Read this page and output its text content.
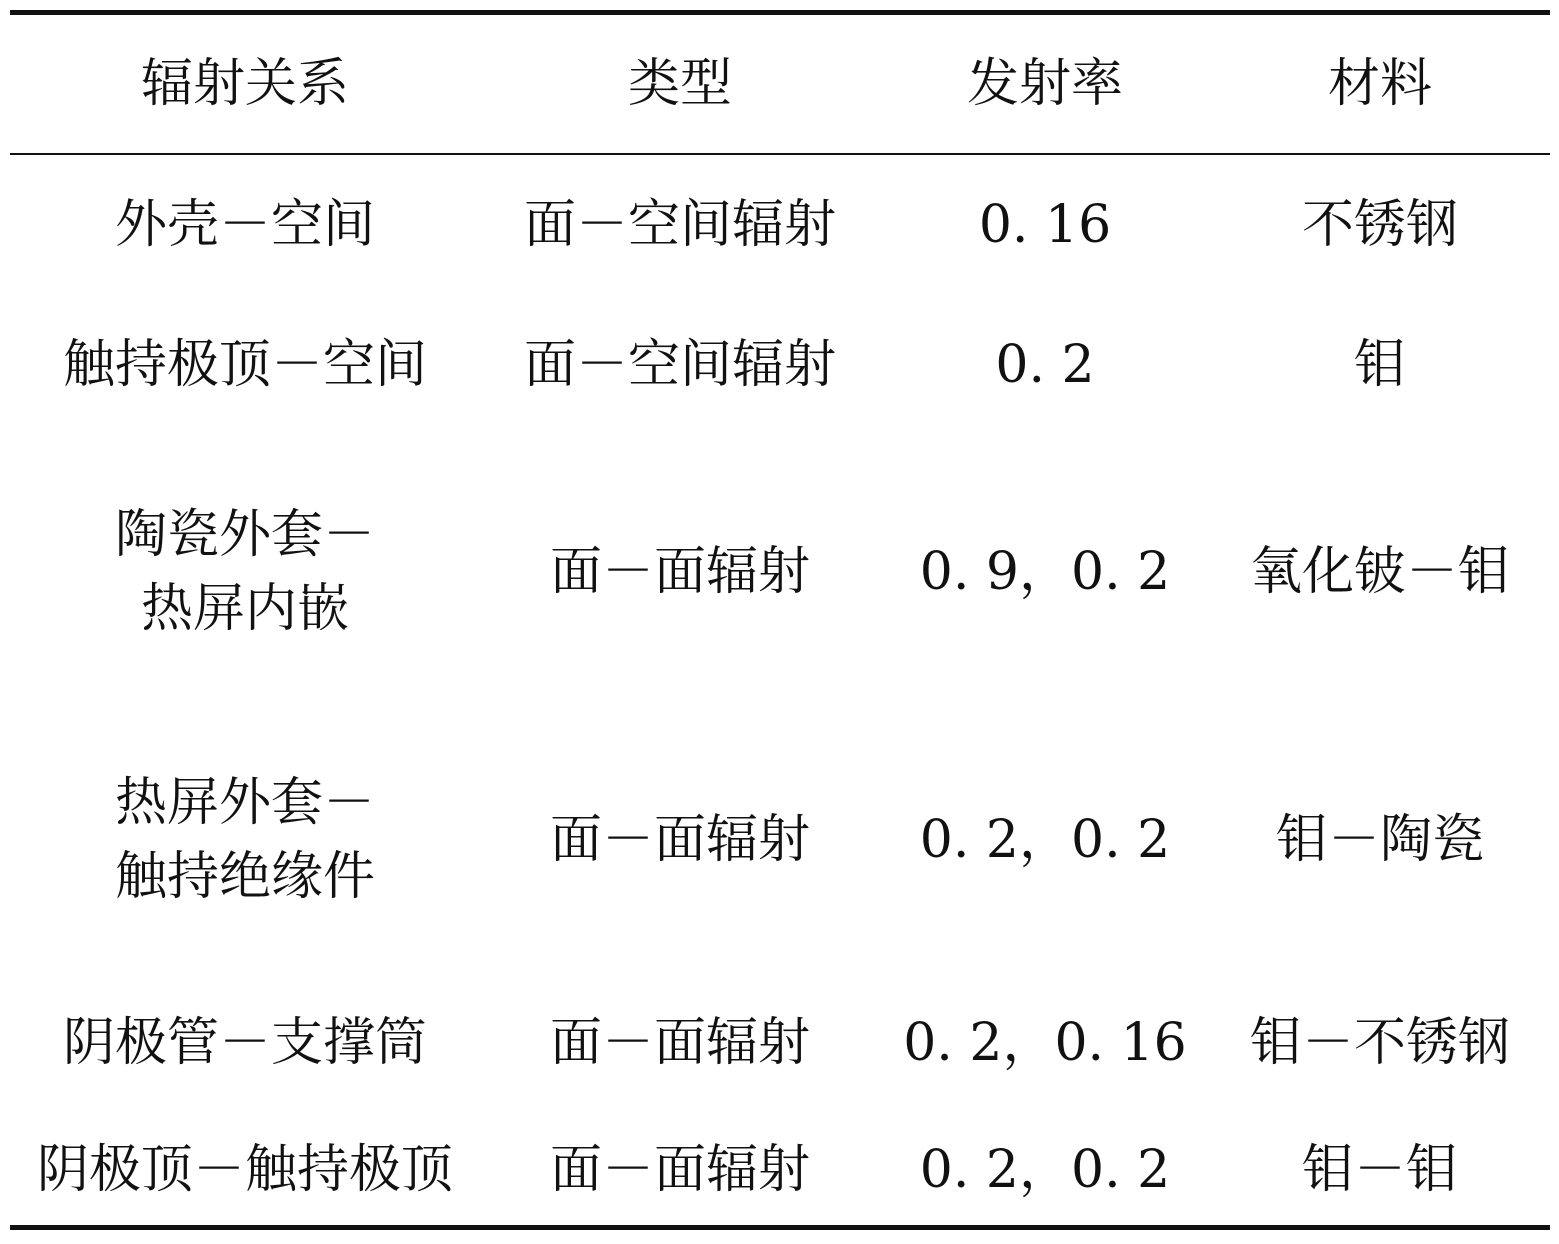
辐射关系	类型	发射率	材料

外壳－空间	面－空间辐射	0. 16	不锈钢

触持极顶－空间	面－空间辐射	0. 2	钼

陶瓷外套－
热屏内嵌	面－面辐射	0. 9，0. 2	氧化铍－钼

热屏外套－
触持绝缘件	面－面辐射	0. 2，0. 2	钼－陶瓷

阴极管－支撑筒	面－面辐射	0. 2，0. 16	钼－不锈钢

阴极顶－触持极顶	面－面辐射	0. 2，0. 2	钼－钼
